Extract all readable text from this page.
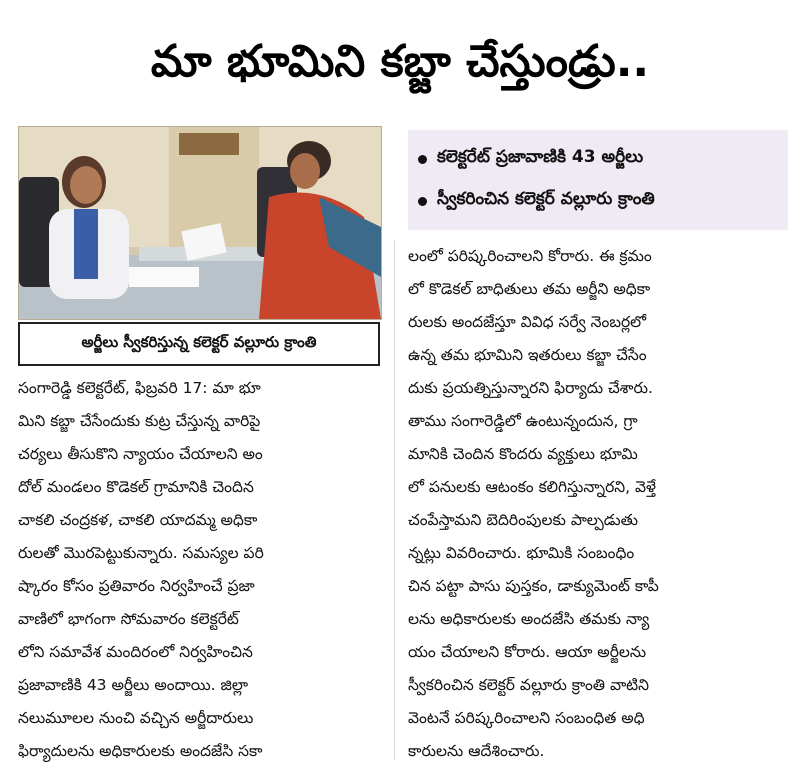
మా భూమిని కబ్జా చేస్తుండ్రు..
అర్జీలు స్వీకరిస్తున్న కలెక్టర్ వల్లూరు క్రాంతి
కలెక్టరేట్ ప్రజావాణికి 43 అర్జీలు
స్వీకరించిన కలెక్టర్ వల్లూరు క్రాంతి
సంగారెడ్డి కలెక్టరేట్, ఫిబ్రవరి 17: మా భూ
మిని కబ్జా చేసేందుకు కుట్ర చేస్తున్న వారిపై
చర్యలు తీసుకొని న్యాయం చేయాలని అం
దోల్ మండలం కొడెకల్ గ్రామానికి చెందిన
చాకలి చంద్రకళ, చాకలి యాదమ్మ అధికా
రులతో మొరపెట్టుకున్నారు. సమస్యల పరి
ష్కారం కోసం ప్రతివారం నిర్వహించే ప్రజా
వాణిలో భాగంగా సోమవారం కలెక్టరేట్
లోని సమావేశ మందిరంలో నిర్వహించిన
ప్రజావాణికి 43 అర్జీలు అందాయి. జిల్లా
నలుమూలల నుంచి వచ్చిన అర్జీదారులు
ఫిర్యాదులను అధికారులకు అందజేసి సకా
లంలో పరిష్కరించాలని కోరారు. ఈ క్రమం
లో కొడెకల్ బాధితులు తమ అర్జీని అధికా
రులకు అందజేస్తూ వివిధ సర్వే నెంబర్లలో
ఉన్న తమ భూమిని ఇతరులు కబ్జా చేసేం
దుకు ప్రయత్నిస్తున్నారని ఫిర్యాదు చేశారు.
తాము సంగారెడ్డిలో ఉంటున్నందున, గ్రా
మానికి చెందిన కొందరు వ్యక్తులు భూమి
లో పనులకు ఆటంకం కలిగిస్తున్నారని, వెళ్తే
చంపేస్తామని బెదిరింపులకు పాల్పడుతు
న్నట్లు వివరించారు. భూమికి సంబంధిం
చిన పట్టా పాసు పుస్తకం, డాక్యుమెంట్ కాపీ
లను అధికారులకు అందజేసి తమకు న్యా
యం చేయాలని కోరారు. ఆయా అర్జీలను
స్వీకరించిన కలెక్టర్ వల్లూరు క్రాంతి వాటిని
వెంటనే పరిష్కరించాలని సంబంధిత అధి
కారులను ఆదేశించారు.
